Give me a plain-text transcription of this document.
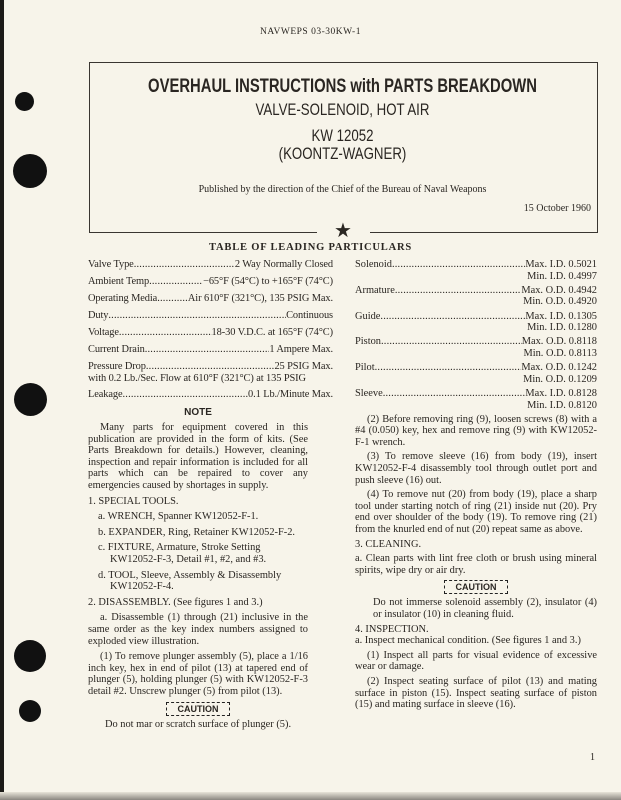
NAVWEPS 03-30KW-1
OVERHAUL INSTRUCTIONS with PARTS BREAKDOWN
VALVE-SOLENOID, HOT AIR
KW 12052
(KOONTZ-WAGNER)
Published by the direction of the Chief of the Bureau of Naval Weapons
15 October 1960
★
TABLE OF LEADING PARTICULARS
Valve Type . . .	2 Way Normally Closed
Ambient Temp . . .	−65°F (54°C) to +165°F (74°C)
Operating Media . . .	Air 610°F (321°C), 135 PSIG Max.
Duty . . .	Continuous
Voltage . . .	18-30 V.D.C. at 165°F (74°C)
Current Drain . . .	1 Ampere Max.
Pressure Drop . . .	25 PSIG Max.
with 0.2 Lb./Sec. Flow at 610°F (321°C) at 135 PSIG
Leakage . . .	0.1 Lb./Minute Max.
NOTE

Many parts for equipment covered in this publication are provided in the form of kits. (See Parts Breakdown for details.) However, cleaning, inspection and repair information is included for all parts which can be repaired to cover any emergencies caused by shortages in supply.

1. SPECIAL TOOLS.
a. WRENCH, Spanner KW12052-F-1.
b. EXPANDER, Ring, Retainer KW12052-F-2.
c. FIXTURE, Armature, Stroke Setting KW12052-F-3, Detail #1, #2, and #3.
d. TOOL, Sleeve, Assembly & Disassembly KW12052-F-4.
2. DISASSEMBLY. (See figures 1 and 3.)

a. Disassemble (1) through (21) inclusive in the same order as the key index numbers assigned to exploded view illustration.

(1) To remove plunger assembly (5), place a 1/16 inch key, hex in end of pilot (13) at tapered end of plunger (5), holding plunger (5) with KW12052-F-3 detail #2. Unscrew plunger (5) from pilot (13).

CAUTION
Do not mar or scratch surface of plunger (5).
Solenoid . . .	Max. I.D. 0.5021
Min. I.D. 0.4997
Armature . . .	Max. O.D. 0.4942
Min. O.D. 0.4920
Guide . . .	Max. I.D. 0.1305
Min. I.D. 0.1280
Piston . . .	Max. O.D. 0.8118
Min. O.D. 0.8113
Pilot . . .	Max. O.D. 0.1242
Min. O.D. 0.1209
Sleeve . . .	Max. I.D. 0.8128
Min. I.D. 0.8120

(2) Before removing ring (9), loosen screws (8) with a #4 (0.050) key, hex and remove ring (9) with KW12052-F-1 wrench.

(3) To remove sleeve (16) from body (19), insert KW12052-F-4 disassembly tool through outlet port and push sleeve (16) out.

(4) To remove nut (20) from body (19), place a sharp tool under starting notch of ring (21) inside nut (20). Pry end over shoulder of the body (19). To remove ring (21) from the knurled end of nut (20) repeat same as above.

3. CLEANING.

a. Clean parts with lint free cloth or brush using mineral spirits, wipe dry or air dry.

CAUTION

Do not immerse solenoid assembly (2), insulator (4) or insulator (10) in cleaning fluid.

4. INSPECTION.

a. Inspect mechanical condition. (See figures 1 and 3.)

(1) Inspect all parts for visual evidence of excessive wear or damage.

(2) Inspect seating surface of pilot (13) and mating surface in piston (15). Inspect seating surface of piston (15) and mating surface in sleeve (16).

1
